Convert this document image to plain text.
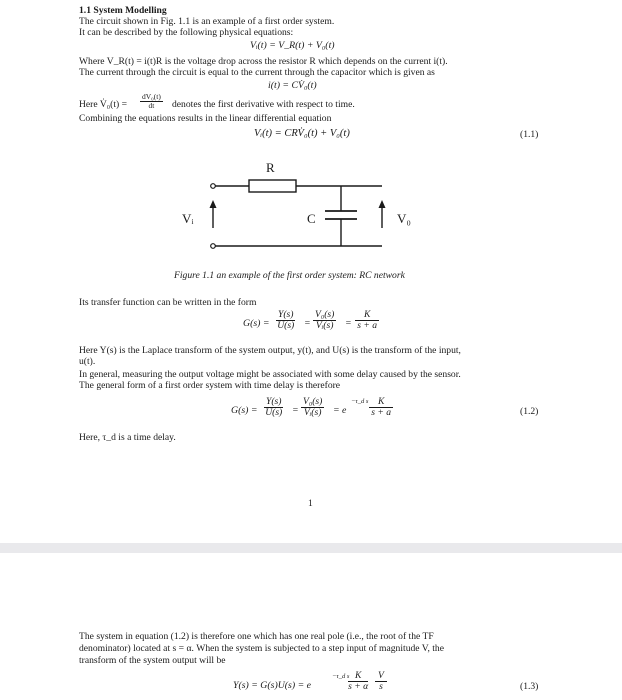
1.1 System Modelling
The circuit shown in Fig. 1.1 is an example of a first order system.
It can be described by the following physical equations:
Vᵢ(t) = V_R(t) + V₀(t)
Where V_R(t) = i(t)R is the voltage drop across the resistor R which depends on the current i(t).
The current through the circuit is equal to the current through the capacitor which is given as
i(t) = CV̇₀(t)
Here V̇₀(t) = $\frac{\text{dV₀(t)}}{dt}$ denotes the first derivative with respect to time.
Combining the equations results in the linear differential equation
Vᵢ(t) = CRV̇₀(t) + V₀(t)	(1.1)
R
C
Vᵢ	V₀
Figure 1.1 an example of the first order system: RC network
Its transfer function can be written in the form
$G(s) = \frac{Y(s)}{U(s)} = \frac{\text{V₀(s)}}{\text{Vᵢ(s)}} = \frac{K}{s + a}$
Here Y(s) is the Laplace transform of the system output, y(t), and U(s) is the transform of the input,
u(t).
In general, measuring the output voltage might be associated with some delay caused by the sensor.
The general form of a first order system with time delay is therefore
$G(s) = \frac{Y(s)}{U(s)} = \frac{\text{V₀(s)}}{\text{Vᵢ(s)}} = e$
−τ_d s $\frac{K}{s + a}$	(1.2)
Here, τ_d is a time delay.
1
The system in equation (1.2) is therefore one which has one real pole (i.e., the root of the TF
denominator) located at s = α. When the system is subjected to a step input of magnitude V, the
transform of the system output will be
Y(s) = G(s)U(s) = e
−τ_d s
$\frac{K}{s + \alpha} \frac{V}{s}$	(1.3)
